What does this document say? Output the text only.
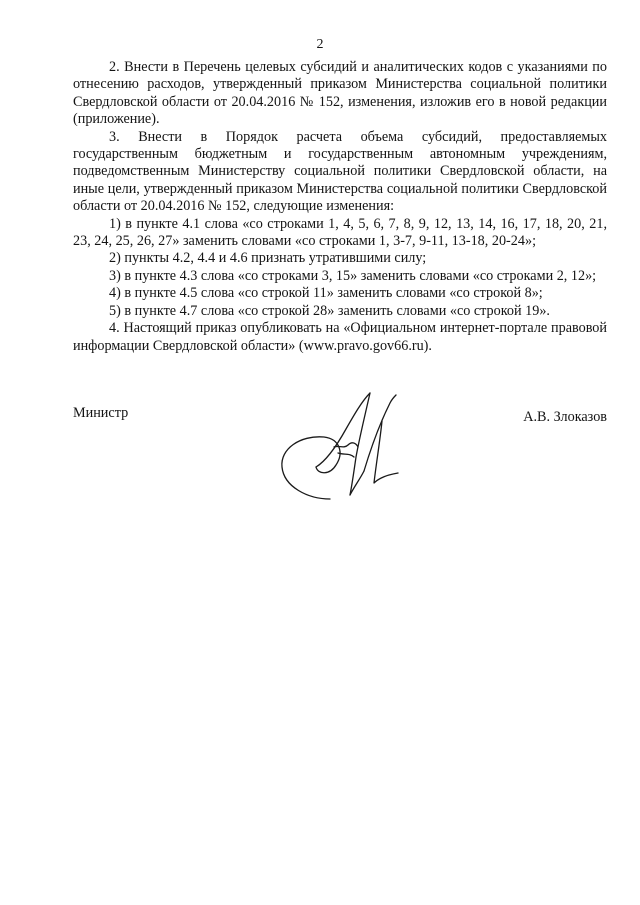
2

2. Внести в Перечень целевых субсидий и аналитических кодов с указаниями по отнесению расходов, утвержденный приказом Министерства социальной политики Свердловской области от 20.04.2016 № 152, изменения, изложив его в новой редакции (приложение).

3. Внести в Порядок расчета объема субсидий, предоставляемых государственным бюджетным и государственным автономным учреждениям, подведомственным Министерству социальной политики Свердловской области, на иные цели, утвержденный приказом Министерства социальной политики Свердловской области от 20.04.2016 № 152, следующие изменения:

1) в пункте 4.1 слова «со строками 1, 4, 5, 6, 7, 8, 9, 12, 13, 14, 16, 17, 18, 20, 21, 23, 24, 25, 26, 27» заменить словами «со строками 1, 3-7, 9-11, 13-18, 20-24»;

2) пункты 4.2, 4.4 и 4.6 признать утратившими силу;

3) в пункте 4.3 слова «со строками 3, 15» заменить словами «со строками 2, 12»;

4) в пункте 4.5 слова «со строкой 11» заменить словами «со строкой 8»;

5) в пункте 4.7 слова «со строкой 28» заменить словами «со строкой 19».

4. Настоящий приказ опубликовать на «Официальном интернет-портале правовой информации Свердловской области» (www.pravo.gov66.ru).

Министр	А.В. Злоказов
